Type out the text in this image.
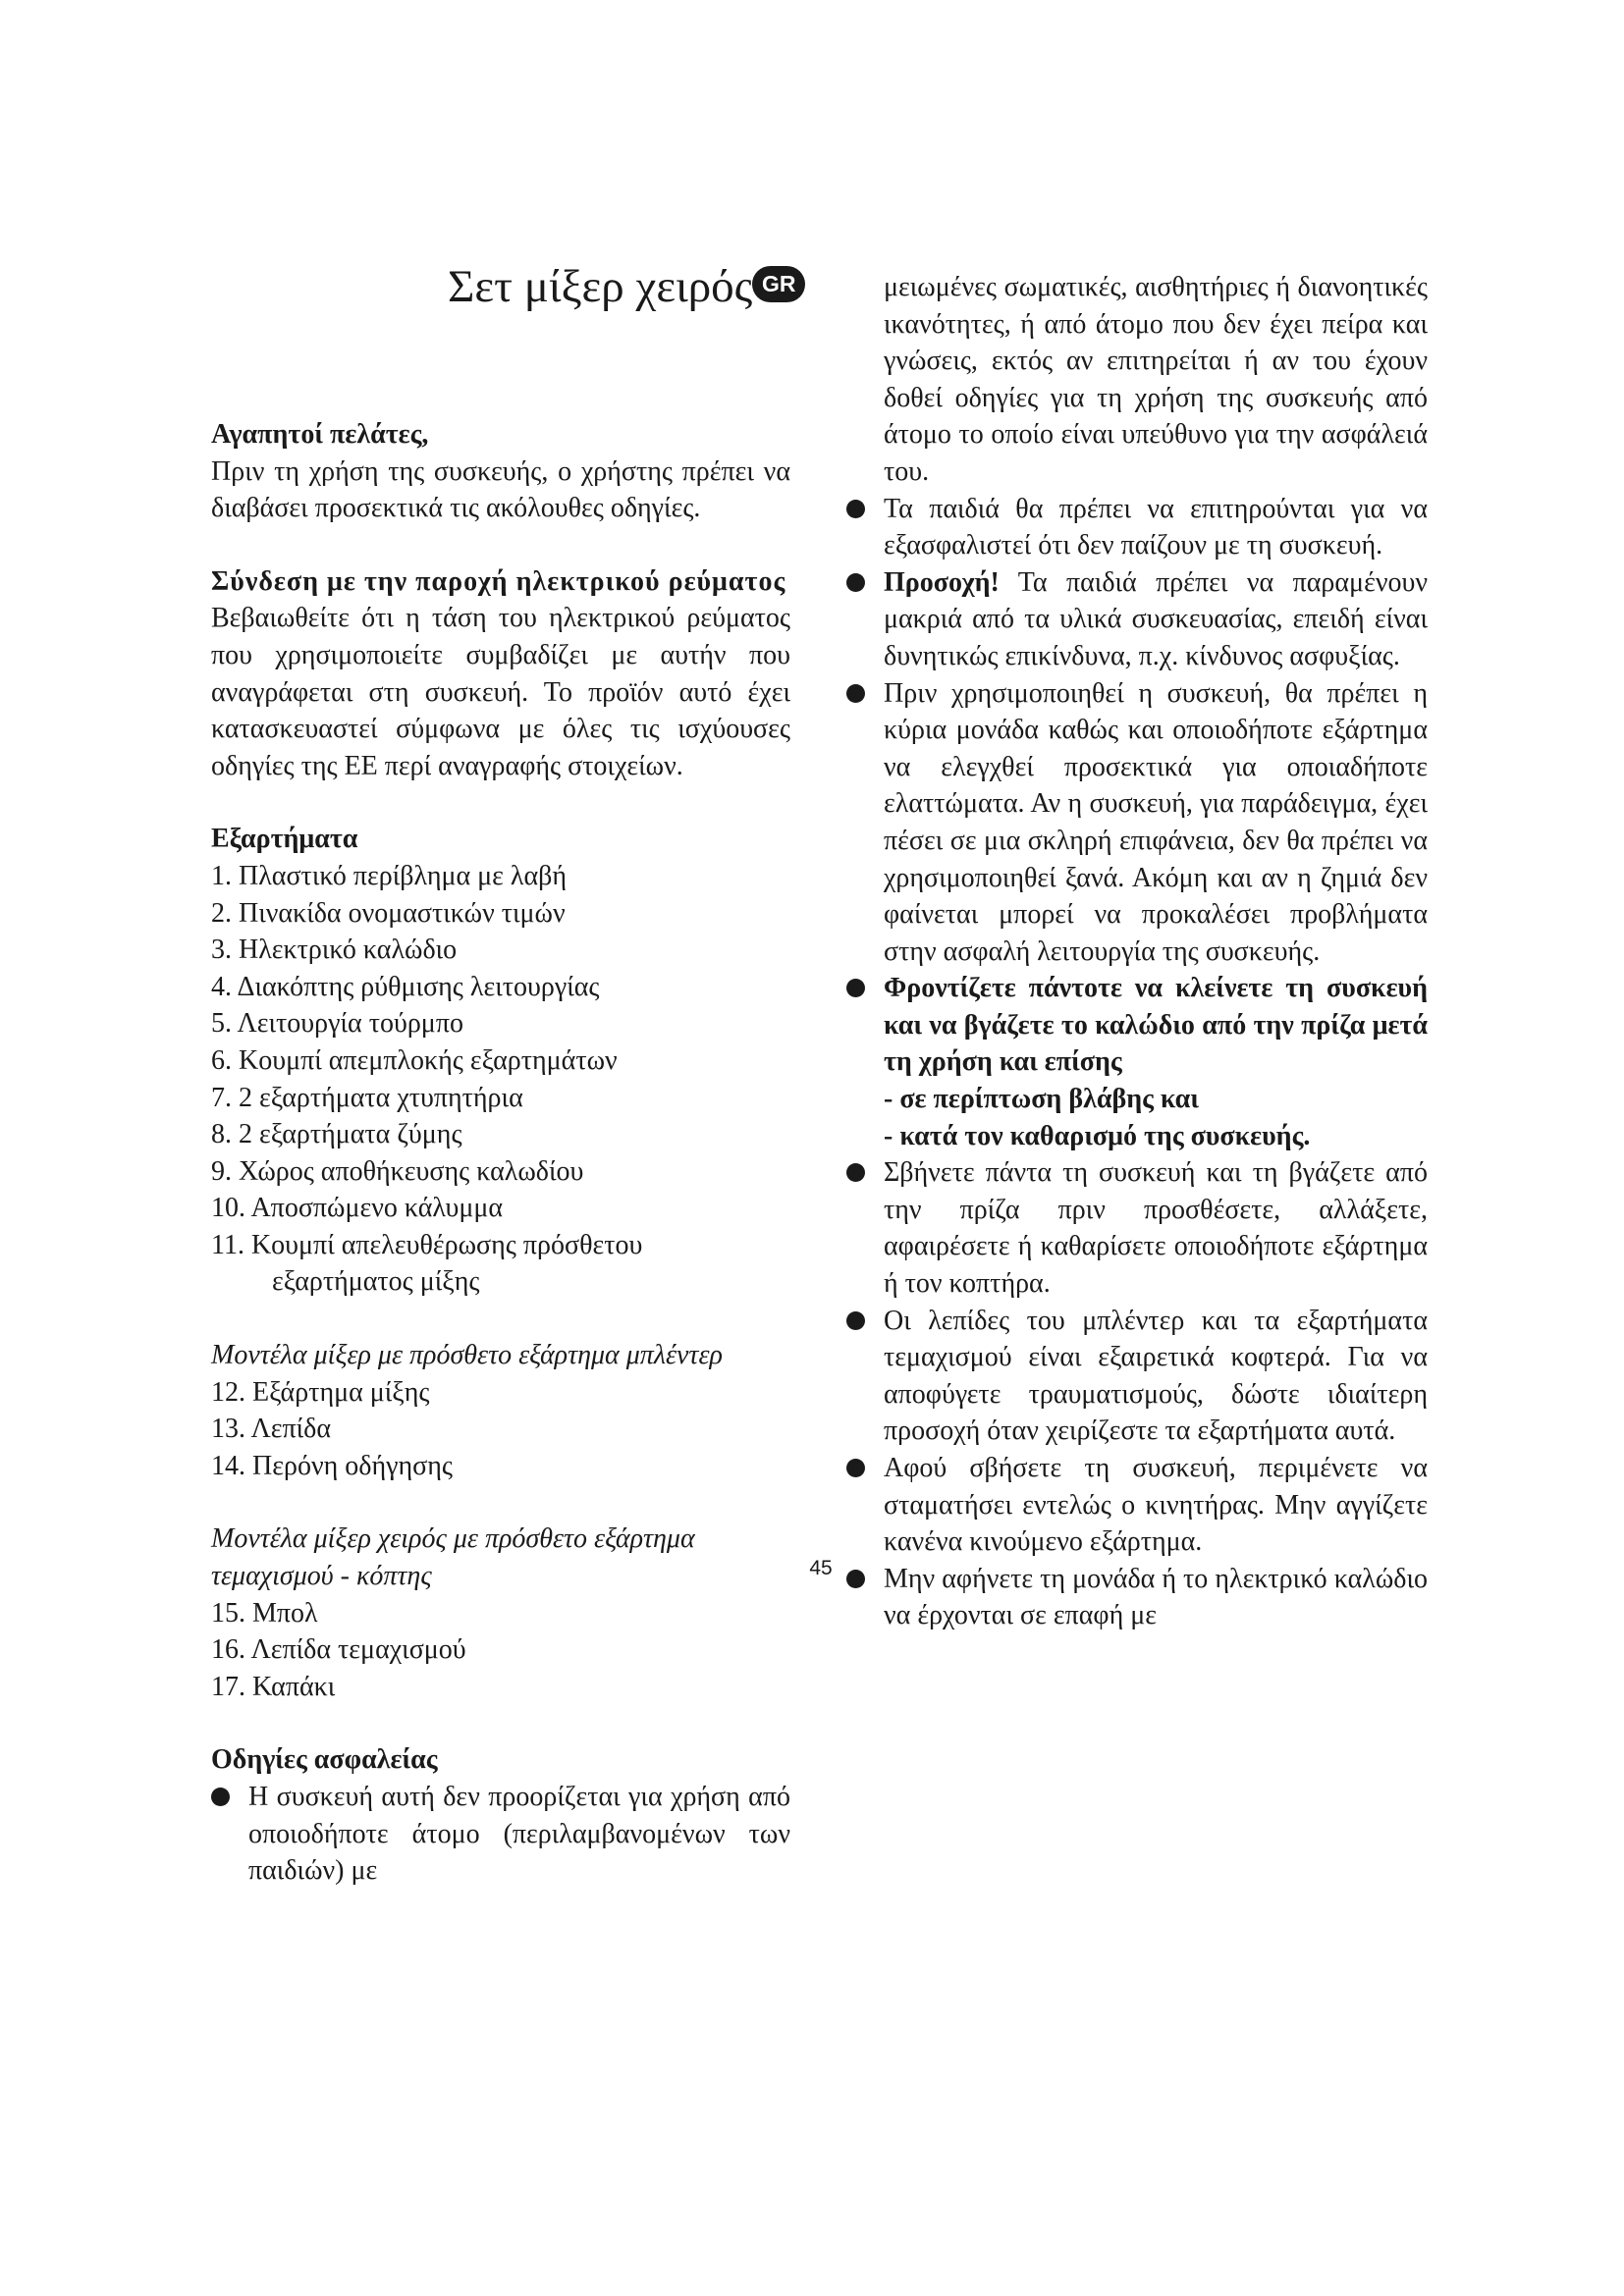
Σετ μίξερ χειρός GR

Αγαπητοί πελάτες,

Πριν τη χρήση της συσκευής, ο χρήστης πρέπει να διαβάσει προσεκτικά τις ακόλουθες οδηγίες.

Σύνδεση με την παροχή ηλεκτρικού ρεύματος

Βεβαιωθείτε ότι η τάση του ηλεκτρικού ρεύματος που χρησιμοποιείτε συμβαδίζει με αυτήν που αναγράφεται στη συσκευή. Το προϊόν αυτό έχει κατασκευαστεί σύμφωνα με όλες τις ισχύουσες οδηγίες της ΕΕ περί αναγραφής στοιχείων.

Εξαρτήματα

1. Πλαστικό περίβλημα με λαβή
2. Πινακίδα ονομαστικών τιμών
3. Ηλεκτρικό καλώδιο
4. Διακόπτης ρύθμισης λειτουργίας
5. Λειτουργία τούρμπο
6. Κουμπί απεμπλοκής εξαρτημάτων
7. 2 εξαρτήματα χτυπητήρια
8. 2 εξαρτήματα ζύμης
9. Χώρος αποθήκευσης καλωδίου
10. Αποσπώμενο κάλυμμα
11. Κουμπί απελευθέρωσης πρόσθετου
εξαρτήματος μίξης

Μοντέλα μίξερ με πρόσθετο εξάρτημα μπλέντερ

12. Εξάρτημα μίξης
13. Λεπίδα
14. Περόνη οδήγησης

Μοντέλα μίξερ χειρός με πρόσθετο εξάρτημα τεμαχισμού - κόπτης

15. Μπολ
16. Λεπίδα τεμαχισμού
17. Καπάκι

Οδηγίες ασφαλείας

Η συσκευή αυτή δεν προορίζεται για χρήση από οποιοδήποτε άτομο (περιλαμβανομένων των παιδιών) με

μειωμένες σωματικές, αισθητήριες ή διανοητικές ικανότητες, ή από άτομο που δεν έχει πείρα και γνώσεις, εκτός αν επιτηρείται ή αν του έχουν δοθεί οδηγίες για τη χρήση της συσκευής από άτομο το οποίο είναι υπεύθυνο για την ασφάλειά του.

Τα παιδιά θα πρέπει να επιτηρούνται για να εξασφαλιστεί ότι δεν παίζουν με τη συσκευή.

Προσοχή! Τα παιδιά πρέπει να παραμένουν μακριά από τα υλικά συσκευασίας, επειδή είναι δυνητικώς επικίνδυνα, π.χ. κίνδυνος ασφυξίας.

Πριν χρησιμοποιηθεί η συσκευή, θα πρέπει η κύρια μονάδα καθώς και οποιοδήποτε εξάρτημα να ελεγχθεί προσεκτικά για οποιαδήποτε ελαττώματα. Αν η συσκευή, για παράδειγμα, έχει πέσει σε μια σκληρή επιφάνεια, δεν θα πρέπει να χρησιμοποιηθεί ξανά. Ακόμη και αν η ζημιά δεν φαίνεται μπορεί να προκαλέσει προβλήματα στην ασφαλή λειτουργία της συσκευής.

Φροντίζετε πάντοτε να κλείνετε τη συσκευή και να βγάζετε το καλώδιο από την πρίζα μετά τη χρήση και επίσης

- σε περίπτωση βλάβης και

- κατά τον καθαρισμό της συσκευής.

Σβήνετε πάντα τη συσκευή και τη βγάζετε από την πρίζα πριν προσθέσετε, αλλάξετε, αφαιρέσετε ή καθαρίσετε οποιοδήποτε εξάρτημα ή τον κοπτήρα.

Οι λεπίδες του μπλέντερ και τα εξαρτήματα τεμαχισμού είναι εξαιρετικά κοφτερά. Για να αποφύγετε τραυματισμούς, δώστε ιδιαίτερη προσοχή όταν χειρίζεστε τα εξαρτήματα αυτά.

Αφού σβήσετε τη συσκευή, περιμένετε να σταματήσει εντελώς ο κινητήρας. Μην αγγίζετε κανένα κινούμενο εξάρτημα.

Μην αφήνετε τη μονάδα ή το ηλεκτρικό καλώδιο να έρχονται σε επαφή με

45
